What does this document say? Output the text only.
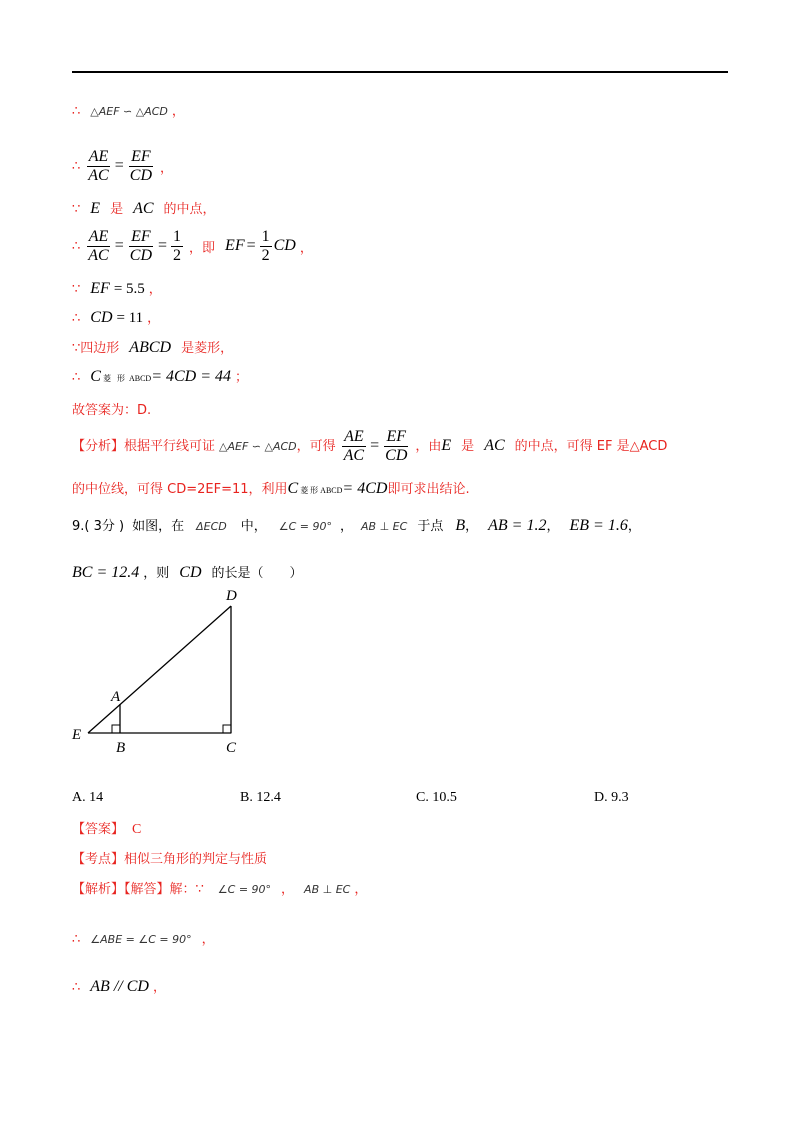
∴ △AEF ∽ △ACD ，
∴ $\frac{AE}{AC} = \frac{EF}{CD}$ ，
∵ E 是 AC 的中点，
∴ $\frac{AE}{AC} = \frac{EF}{CD} = \frac{1}{2}$ ，即 EF = $\frac{1}{2}$ CD ，
∵ EF = 5.5 ，
∴ CD = 11 ，
∵四边形 ABCD 是菱形，
∴ C 菱 形 ABCD= 4CD = 44 ；
故答案为：D.
【分析】根据平行线可证 △AEF ∽ △ACD，可得 $\frac{AE}{AC} = \frac{EF}{CD}$ ，由E 是 AC 的中点，可得 EF 是△ACD
的中位线，可得 CD=2EF=11，利用C 菱 形 ABCD= 4CD即可求出结论.
9.( 3分 ) 如图，在 ΔECD 中， ∠C = 90° ， AB ⊥ EC 于点 B， AB = 1.2， EB = 1.6，
BC = 12.4 ，则 CD 的长是（　　）
D
A
E
B	C
A. 14	B. 12.4	C. 10.5	D. 9.3
【答案】 C
【考点】相似三角形的判定与性质
【解析】【解答】解：∵ ∠C = 90° ， AB ⊥ EC ，
∴ ∠ABE = ∠C = 90° ，
∴ AB // CD ，
